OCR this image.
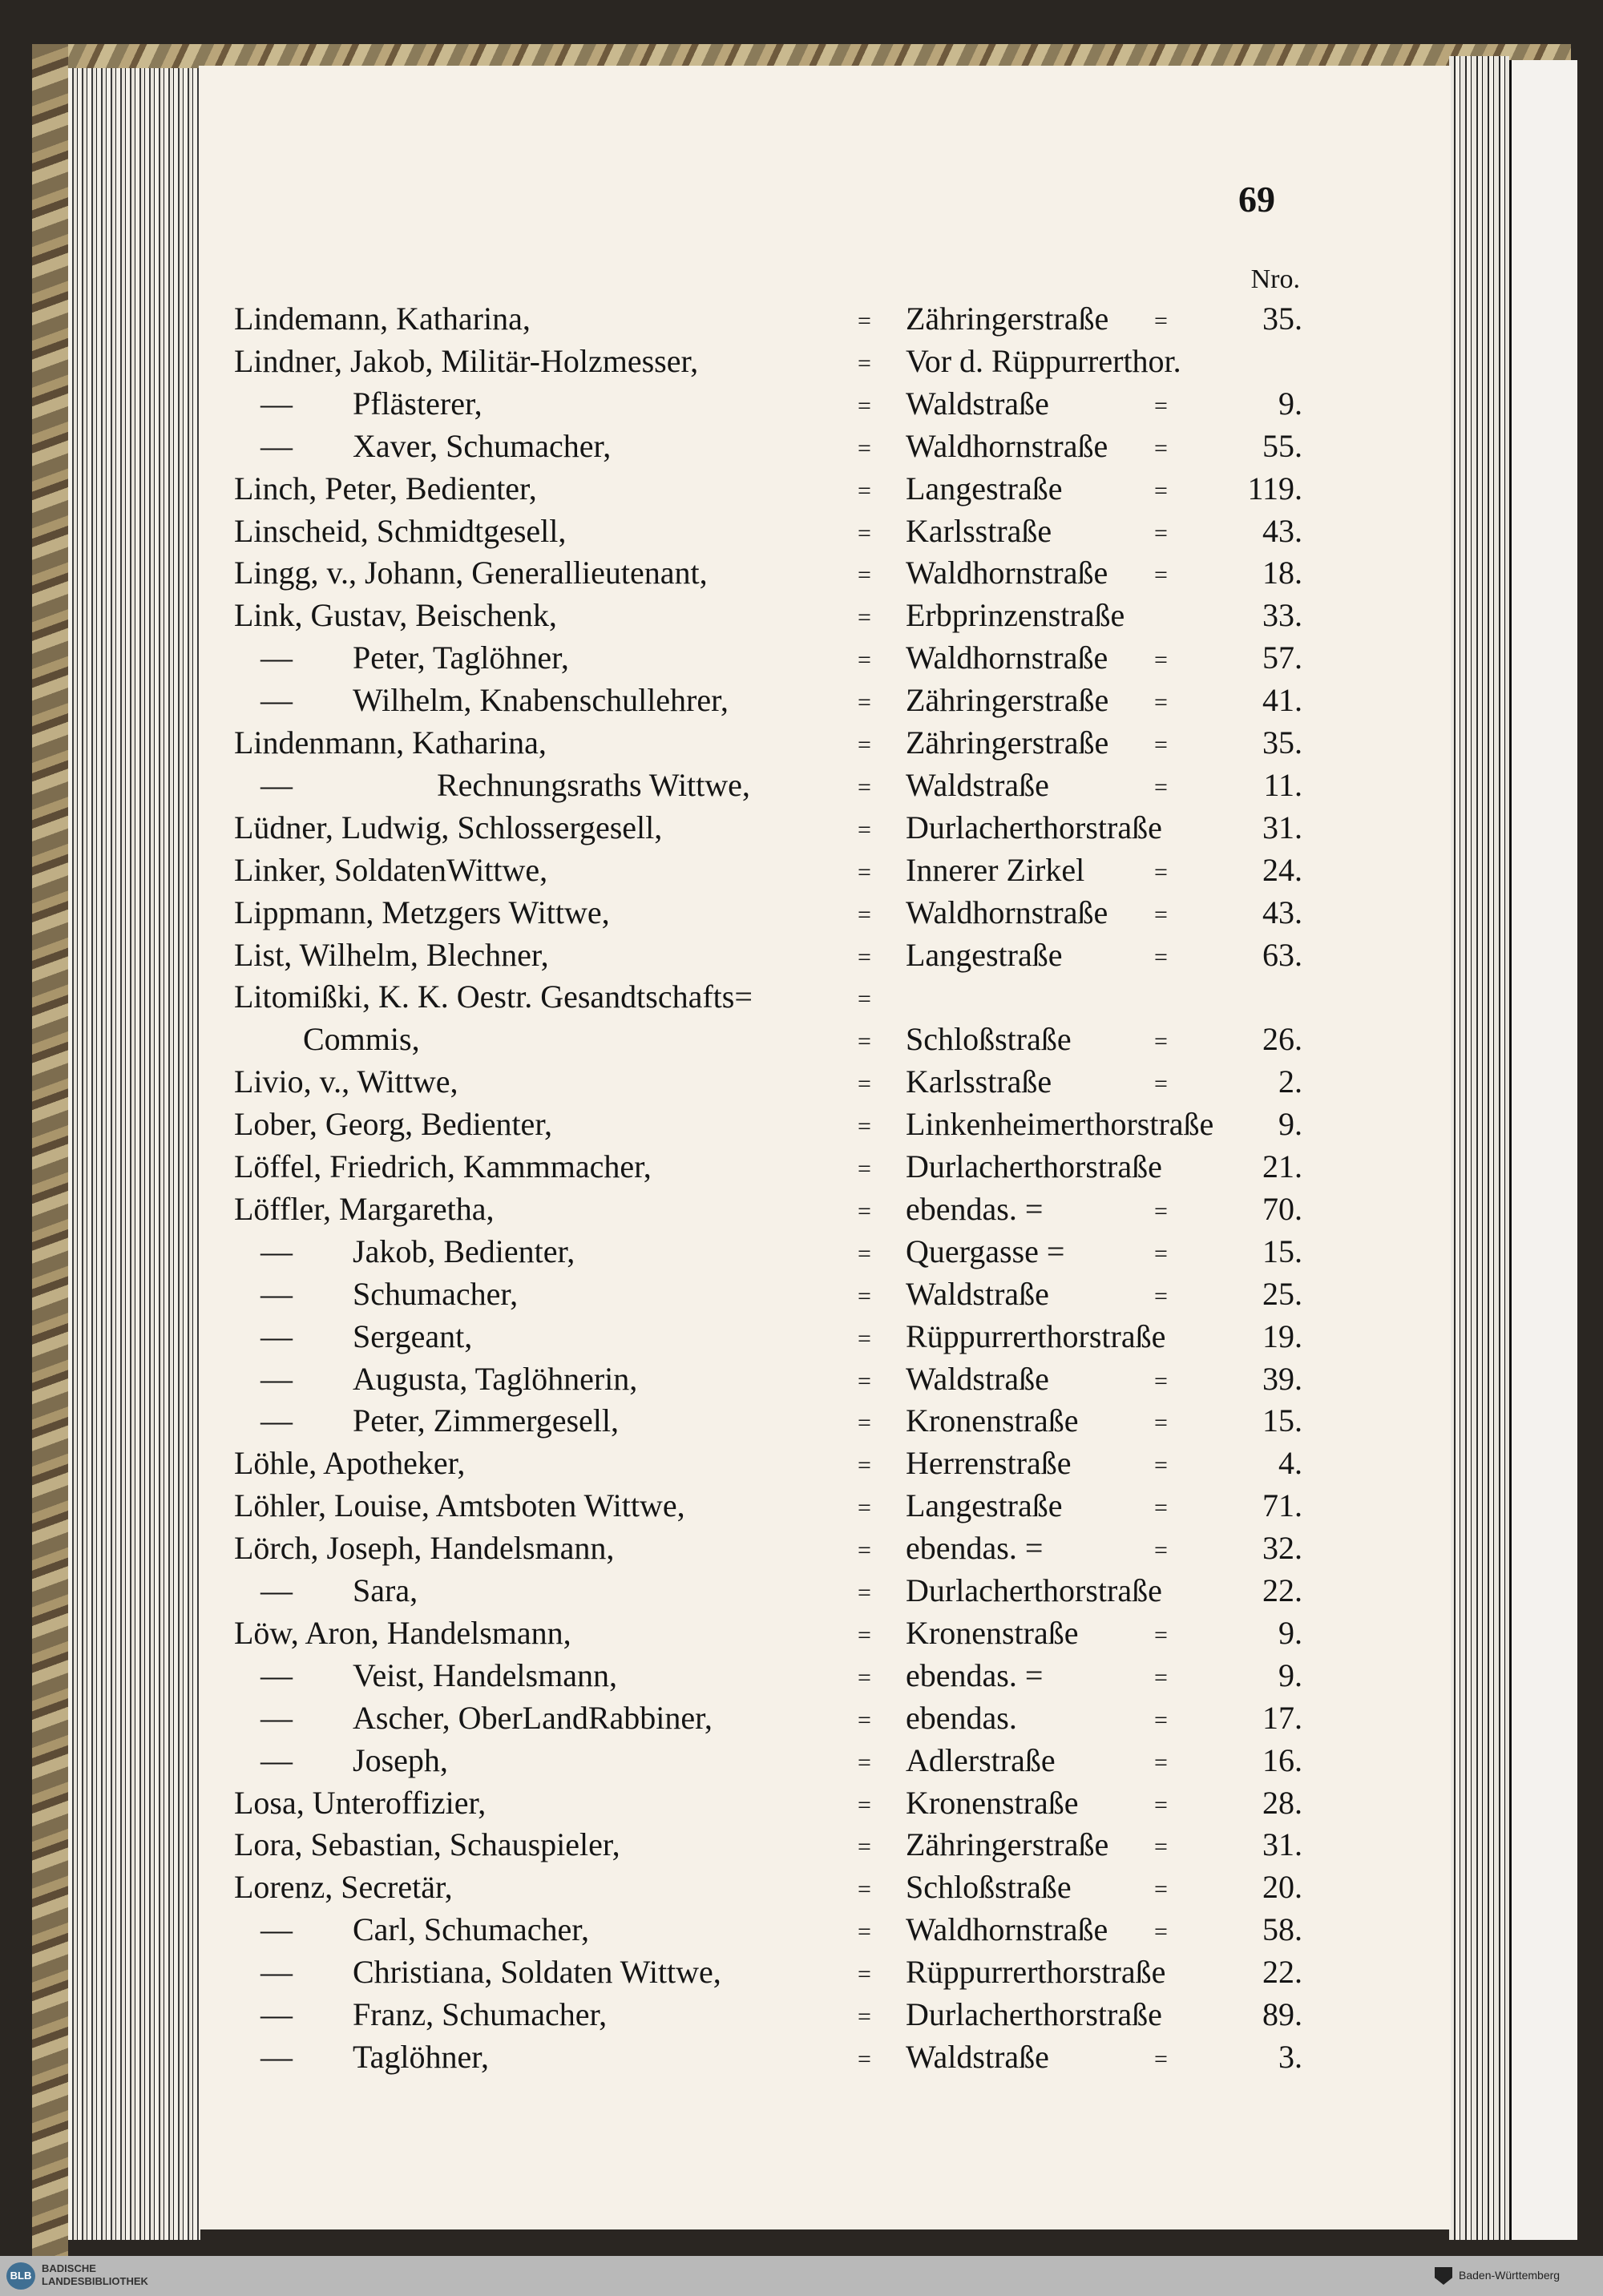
69
Nro.
Lindemann, Katharina,	= Zähringerstraße =	35.
Lindner, Jakob, Militär-Holzmesser,	= Vor d. Rüppurrerthor.
— Pflästerer,	= Waldstraße	=	9.
— Xaver, Schumacher,	= Waldhornstraße =	55.
Linch, Peter, Bedienter,	= Langestraße	= 119.
Linscheid, Schmidtgesell,	= Karlsstraße	=	43.
Lingg, v., Johann, Generallieutenant,	= Waldhornstraße =	18.
Link, Gustav, Beischenk,	= Erbprinzenstraße	33.
— Peter, Taglöhner,	= Waldhornstraße =	57.
— Wilhelm, Knabenschullehrer,	= Zähringerstraße =	41.
Lindenmann, Katharina,	= Zähringerstraße =	35.
—	Rechnungsraths Wittwe,	= Waldstraße	=	11.
Lüdner, Ludwig, Schlossergesell,	= Durlacherthorstraße	31.
Linker, SoldatenWittwe,	= Innerer Zirkel	=	24.
Lippmann, Metzgers Wittwe,	= Waldhornstraße =	43.
List, Wilhelm, Blechner,	= Langestraße	=	63.
Litomißki, K. K. Oestr. Gesandtschafts=	=
Commis,	= Schloßstraße	=	26.
Livio, v., Wittwe,	= Karlsstraße	=	2.
Lober, Georg, Bedienter,	= Linkenheimerthorstraße 9.
Löffel, Friedrich, Kammmacher,	= Durlacherthorstraße	21.
Löffler, Margaretha,	= ebendas. =	=	70.
— Jakob, Bedienter,	= Quergasse =	=	15.
— Schumacher,	= Waldstraße	=	25.
— Sergeant,	= Rüppurrerthorstraße	19.
— Augusta, Taglöhnerin,	= Waldstraße	=	39.
— Peter, Zimmergesell,	= Kronenstraße	=	15.
Löhle, Apotheker,	= Herrenstraße	=	4.
Löhler, Louise, Amtsboten Wittwe,	= Langestraße	=	71.
Lörch, Joseph, Handelsmann,	= ebendas. =	=	32.
— Sara,	= Durlacherthorstraße	22.
Löw, Aron, Handelsmann,	= Kronenstraße	=	9.
— Veist, Handelsmann,	= ebendas. =	=	9.
— Ascher, OberLandRabbiner,	= ebendas.	=	17.
— Joseph,	= Adlerstraße	=	16.
Losa, Unteroffizier,	= Kronenstraße	=	28.
Lora, Sebastian, Schauspieler,	= Zähringerstraße =	31.
Lorenz, Secretär,	= Schloßstraße	=	20.
— Carl, Schumacher,	= Waldhornstraße =	58.
— Christiana, Soldaten Wittwe,	= Rüppurrerthorstraße	22.
— Franz, Schumacher,	= Durlacherthorstraße	89.
— Taglöhner,	= Waldstraße	=	3.
BLB
BADISCHE
LANDESBIBLIOTHEK	Baden-Württemberg
